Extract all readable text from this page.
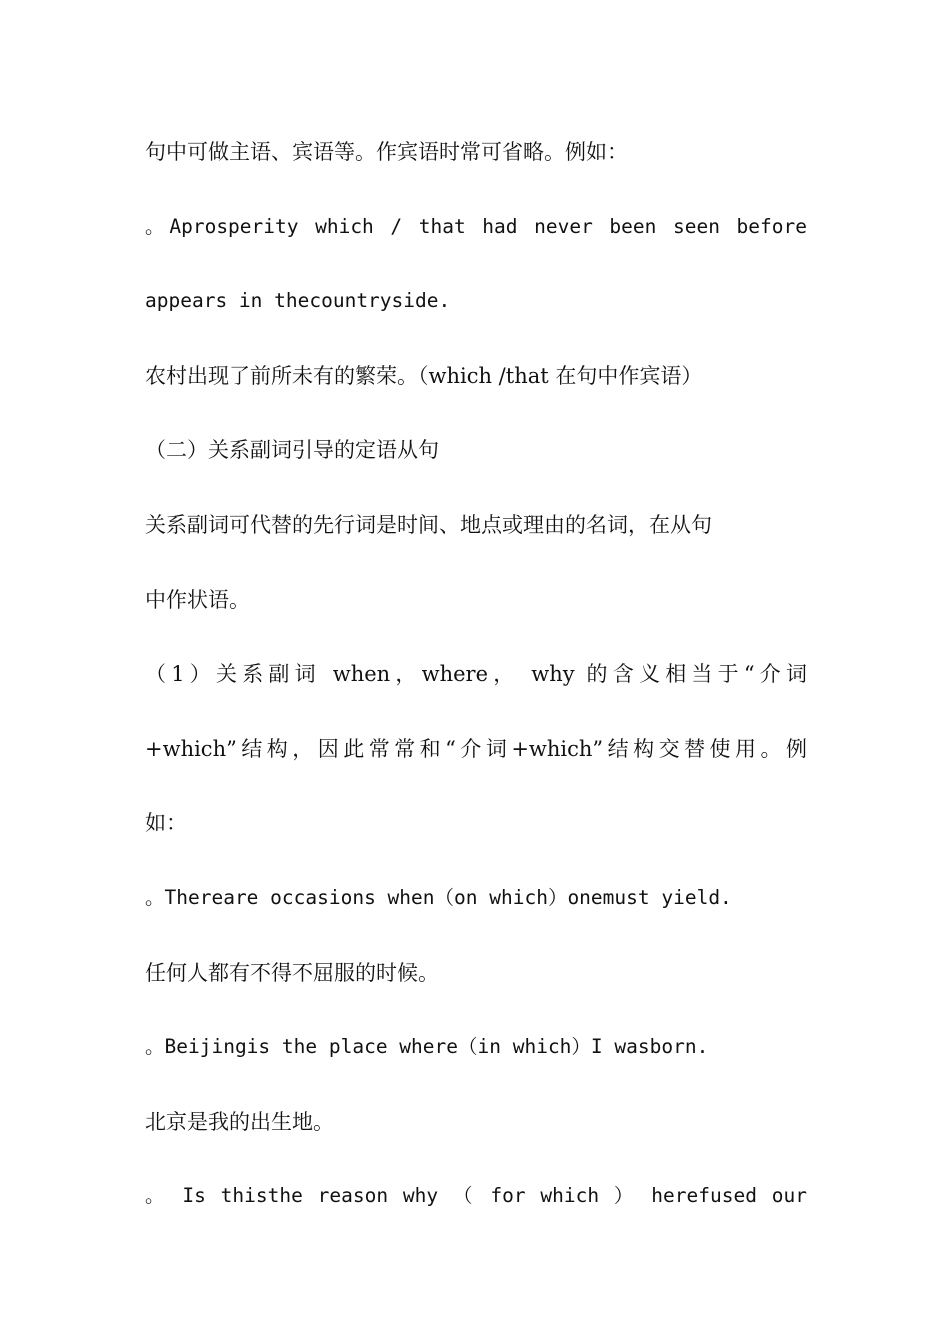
句中可做主语、宾语等。作宾语时常可省略。例如：
。Aprosperity which / that had never been seen before
appears in thecountryside.
农村出现了前所未有的繁荣。（which /that 在句中作宾语）
（二）关系副词引导的定语从句
关系副词可代替的先行词是时间、地点或理由的名词，在从句
中作状语。
（1）关系副词 when，where， why 的含义相当于“介词
+which”结构，因此常常和“介词+which”结构交替使用。例
如：
。Thereare occasions when（on which）onemust yield.
任何人都有不得不屈服的时候。
。Beijingis the place where（in which）I wasborn.
北京是我的出生地。
。 Is thisthe reason why （ for which ） herefused our
